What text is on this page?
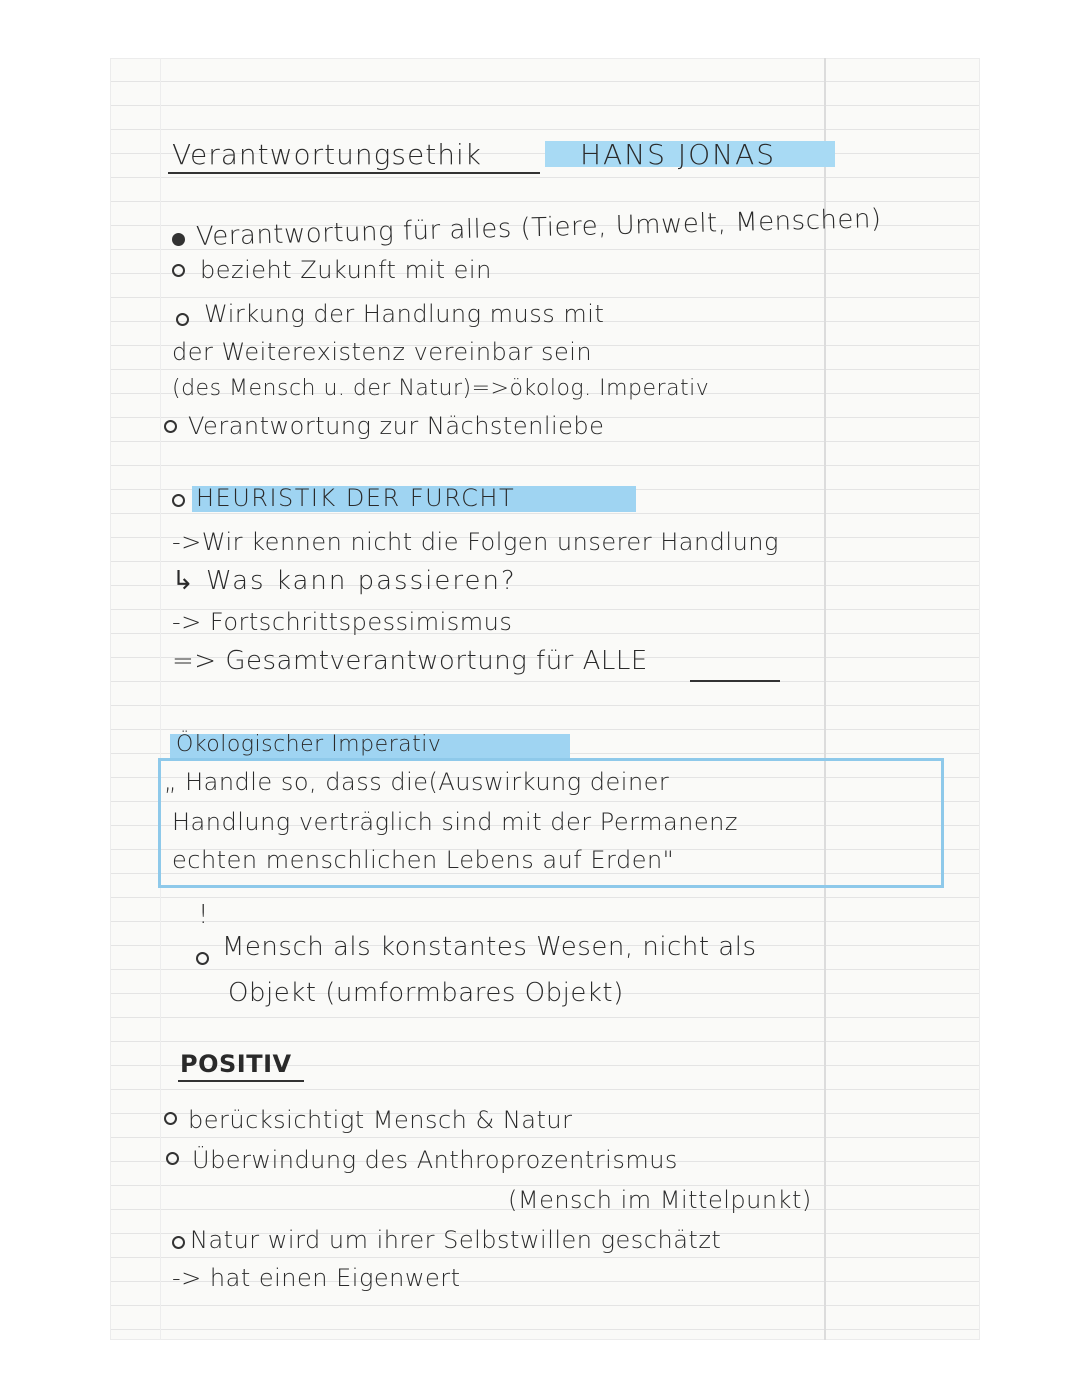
Verantwortungsethik	HANS JONAS
Verantwortung für alles (Tiere, Umwelt, Menschen)
bezieht Zukunft mit ein
Wirkung der Handlung muss mit
der Weiterexistenz vereinbar sein
(des Mensch u. der Natur)=>ökolog. Imperativ
Verantwortung zur Nächstenliebe
HEURISTIK DER FURCHT
->Wir kennen nicht die Folgen unserer Handlung
↳ Was kann passieren?
-> Fortschrittspessimismus
=> Gesamtverantwortung für ALLE
Ökologischer Imperativ
„ Handle so, dass die(Auswirkung deiner
Handlung verträglich sind mit der Permanenz
echten menschlichen Lebens auf Erden"
!
Mensch als konstantes Wesen, nicht als
Objekt (umformbares Objekt)
POSITIV
berücksichtigt Mensch & Natur
Überwindung des Anthroprozentrismus
(Mensch im Mittelpunkt)
Natur wird um ihrer Selbstwillen geschätzt
-> hat einen Eigenwert
